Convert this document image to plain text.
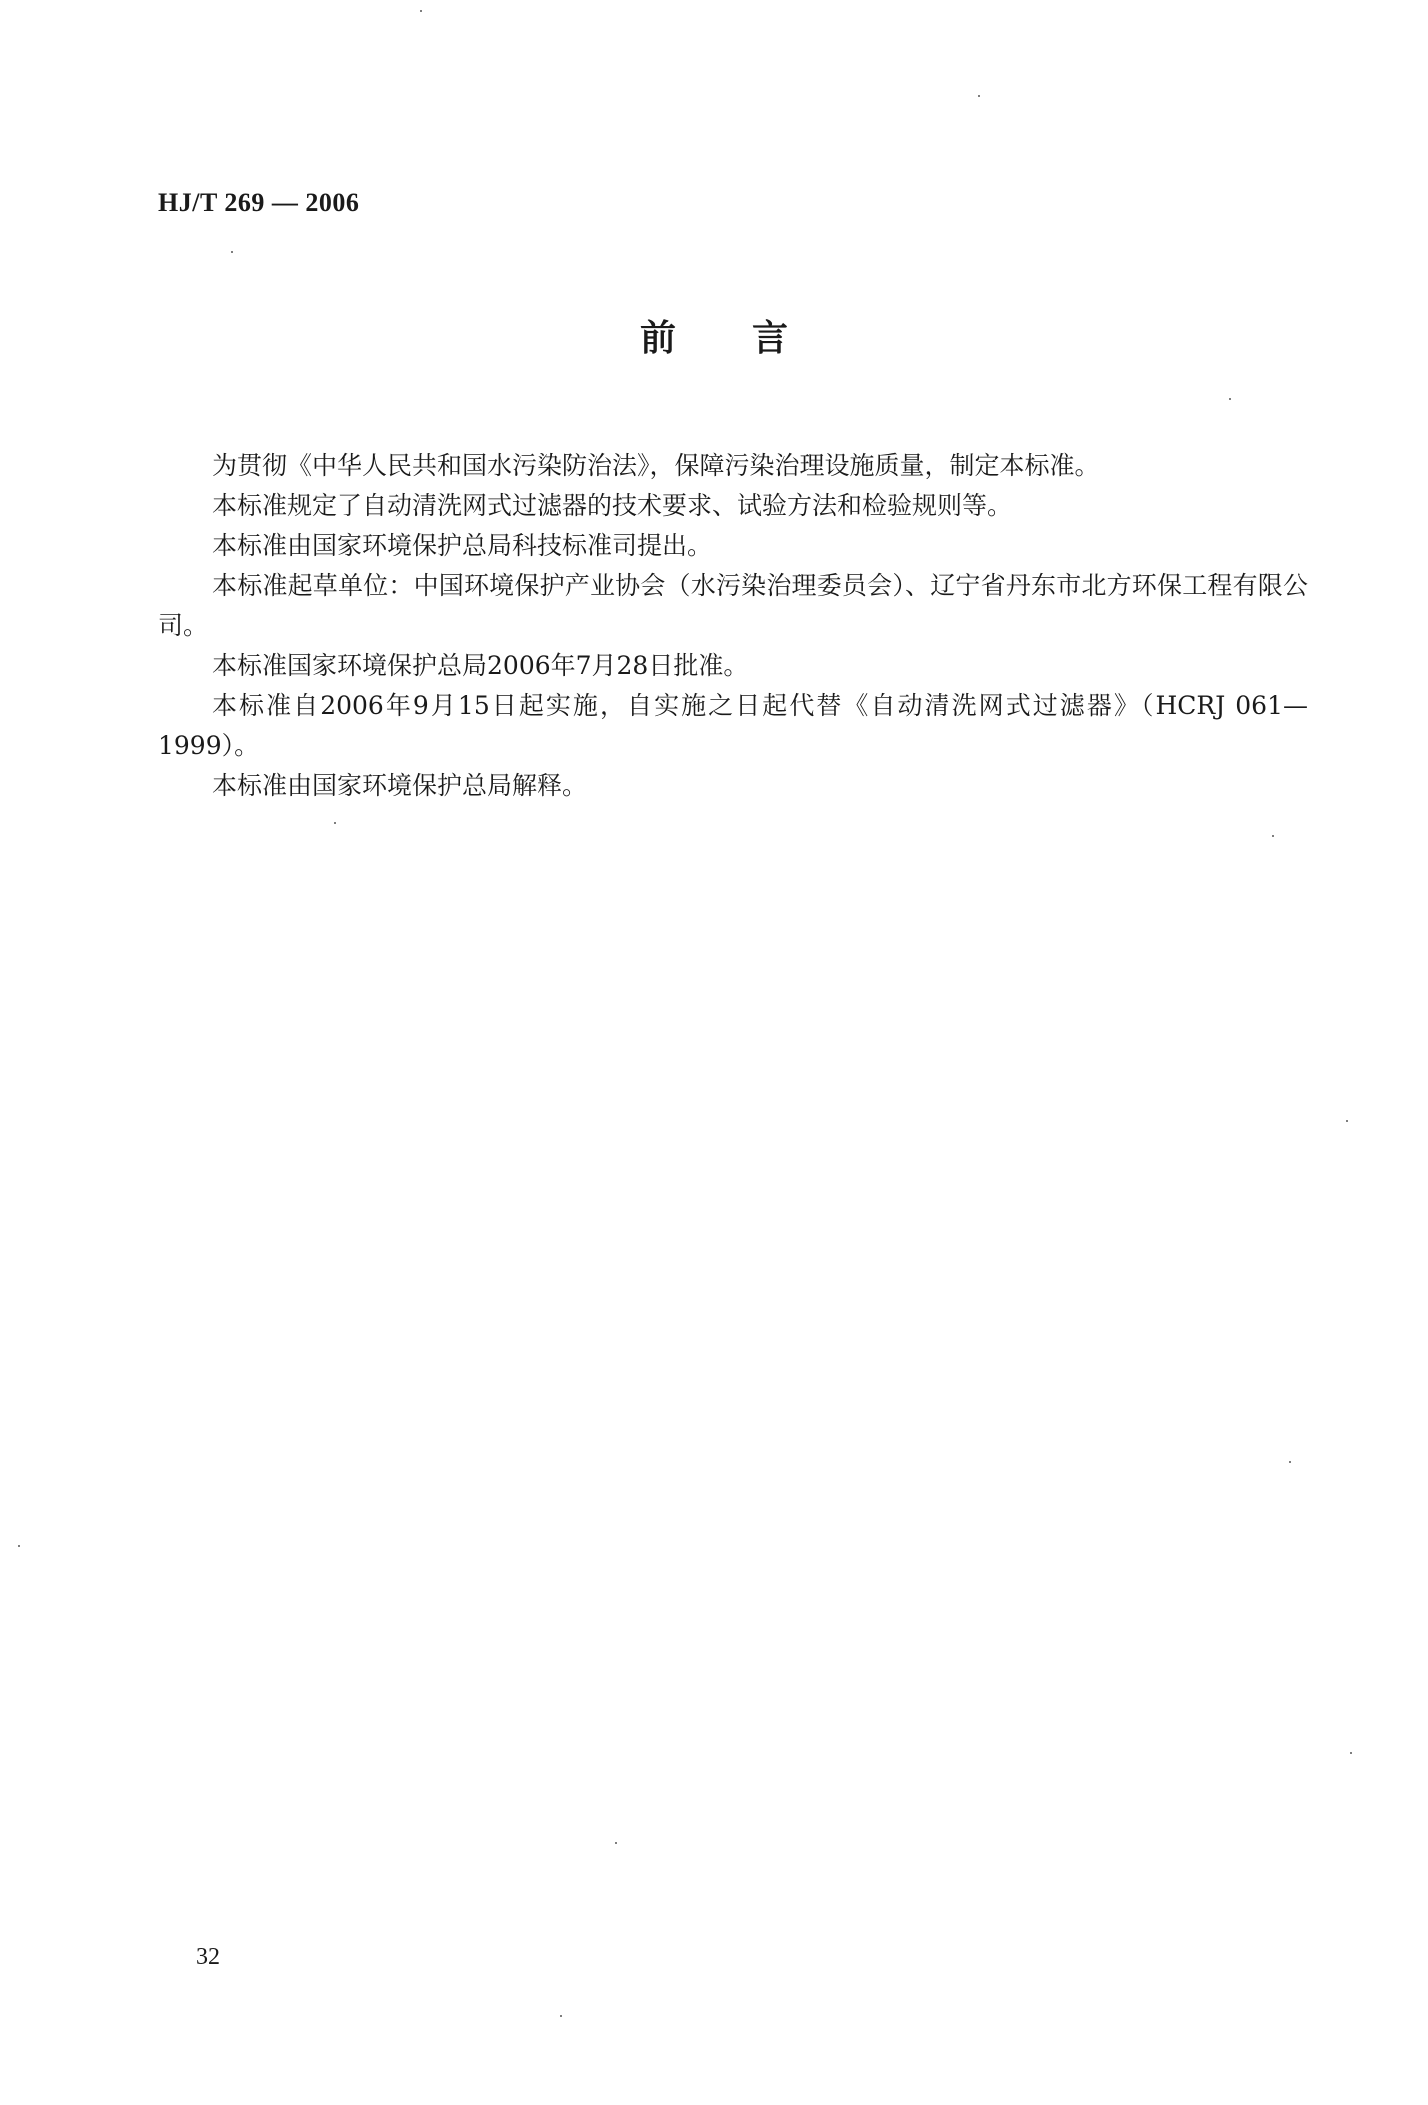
HJ/T 269 — 2006
前 言

为贯彻《中华人民共和国水污染防治法》，保障污染治理设施质量，制定本标准。

本标准规定了自动清洗网式过滤器的技术要求、试验方法和检验规则等。

本标准由国家环境保护总局科技标准司提出。

本标准起草单位：中国环境保护产业协会（水污染治理委员会）、辽宁省丹东市北方环保工程有限公司。

本标准国家环境保护总局2006年7月28日批准。

本标准自2006年9月15日起实施，自实施之日起代替《自动清洗网式过滤器》（HCRJ 061—1999）。

本标准由国家环境保护总局解释。

32
